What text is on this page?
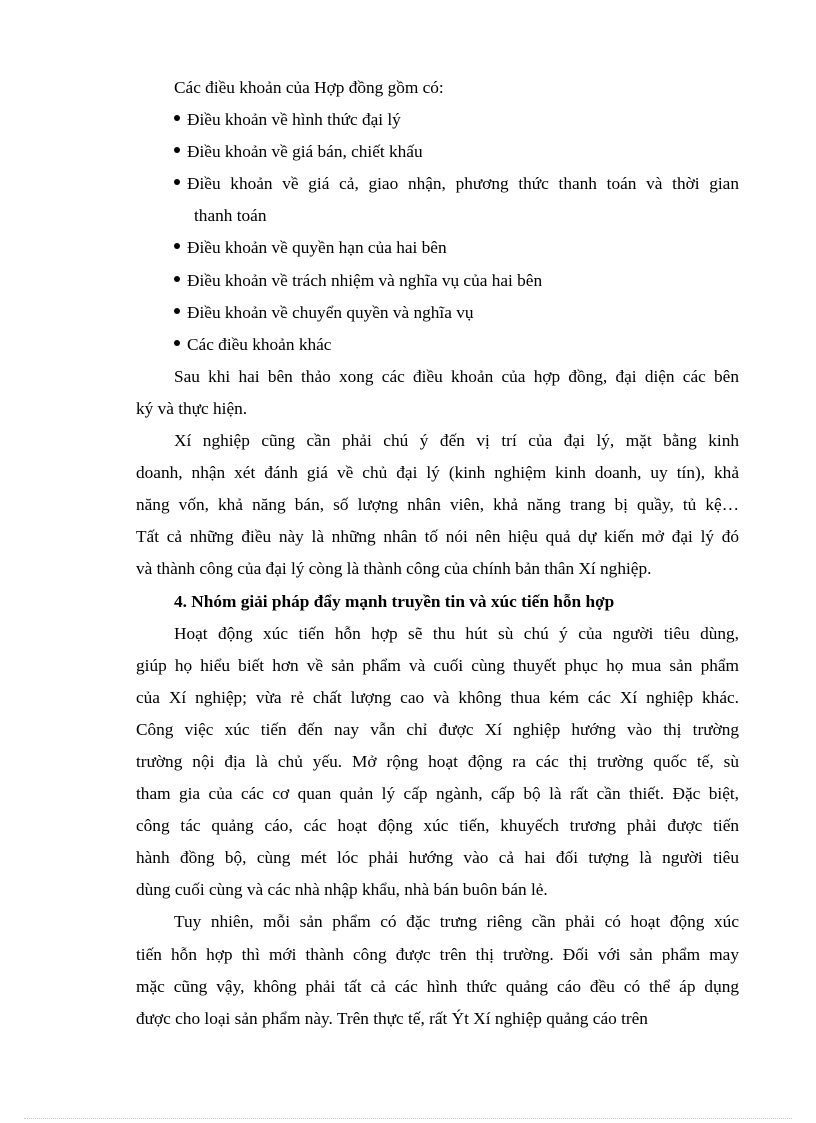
Các điều khoản của Hợp đồng gồm có:
Điều khoản về hình thức đại lý
Điều khoản về giá bán, chiết khấu
Điều khoản về giá cả, giao nhận, phương thức thanh toán và thời gian
thanh toán
Điều khoản về quyền hạn của hai bên
Điều khoản về trách nhiệm và nghĩa vụ của hai bên
Điều khoản về chuyển quyền và nghĩa vụ
Các điều khoản khác
Sau khi hai bên thảo xong các điều khoản của hợp đồng, đại diện các bên
ký và thực hiện.
Xí nghiệp cũng cần phải chú ý đến vị trí của đại lý, mặt bằng kinh
doanh, nhận xét đánh giá về chủ đại lý (kinh nghiệm kinh doanh, uy tín), khả
năng vốn, khả năng bán, số lượng nhân viên, khả năng trang bị quầy, tủ kệ…
Tất cả những điều này là những nhân tố nói nên hiệu quả dự kiến mở đại lý đó
và thành công của đại lý còng là thành công của chính bản thân Xí nghiệp.
4. Nhóm giải pháp đẩy mạnh truyền tin và xúc tiến hỗn hợp
Hoạt động xúc tiến hỗn hợp sẽ thu hút sù chú ý của người tiêu dùng,
giúp họ hiểu biết hơn về sản phẩm và cuối cùng thuyết phục họ mua sản phẩm
của Xí nghiệp; vừa rẻ chất lượng cao và không thua kém các Xí nghiệp khác.
Công việc xúc tiến đến nay vẫn chỉ được Xí nghiệp hướng vào thị trường
trường nội địa là chủ yếu. Mở rộng hoạt động ra các thị trường quốc tế, sù
tham gia của các cơ quan quản lý cấp ngành, cấp bộ là rất cần thiết. Đặc biệt,
công tác quảng cáo, các hoạt động xúc tiến, khuyếch trương phải được tiến
hành đồng bộ, cùng mét lóc phải hướng vào cả hai đối tượng là người tiêu
dùng cuối cùng và các nhà nhập khẩu, nhà bán buôn bán lẻ.
Tuy nhiên, mỗi sản phẩm có đặc trưng riêng cần phải có hoạt động xúc
tiến hỗn hợp thì mới thành công được trên thị trường. Đối với sản phẩm may
mặc cũng vậy, không phải tất cả các hình thức quảng cáo đều có thể áp dụng
được cho loại sản phẩm này. Trên thực tế, rất Ýt Xí nghiệp quảng cáo trên
